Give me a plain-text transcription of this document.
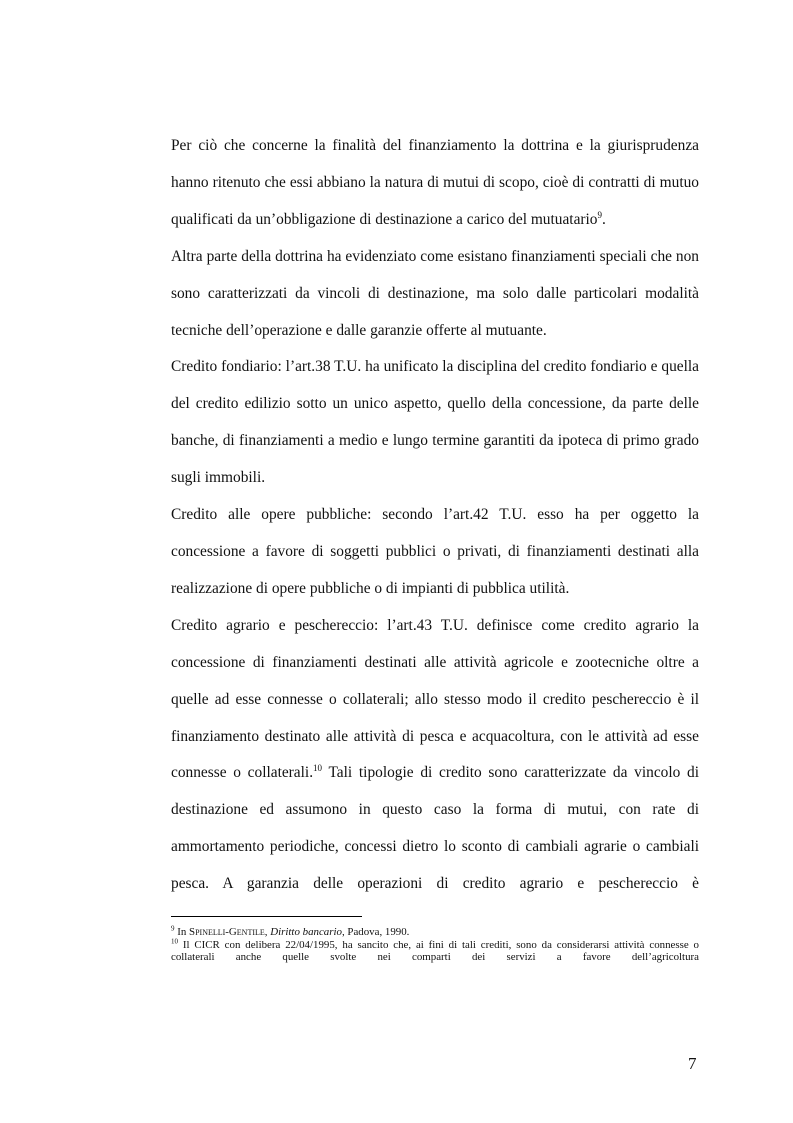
Per ciò che concerne la finalità del finanziamento la dottrina e la giurisprudenza hanno ritenuto che essi abbiano la natura di mutui di scopo, cioè di contratti di mutuo qualificati da un’obbligazione di destinazione a carico del mutuatario$^9$.

Altra parte della dottrina ha evidenziato come esistano finanziamenti speciali che non sono caratterizzati da vincoli di destinazione, ma solo dalle particolari modalità tecniche dell’operazione e dalle garanzie offerte al mutuante.

Credito fondiario: l’art.38 T.U. ha unificato la disciplina del credito fondiario e quella del credito edilizio sotto un unico aspetto, quello della concessione, da parte delle banche, di finanziamenti a medio e lungo termine garantiti da ipoteca di primo grado sugli immobili.

Credito alle opere pubbliche: secondo l’art.42 T.U. esso ha per oggetto la concessione a favore di soggetti pubblici o privati, di finanziamenti destinati alla realizzazione di opere pubbliche o di impianti di pubblica utilità.

Credito agrario e peschereccio: l’art.43 T.U. definisce come credito agrario la concessione di finanziamenti destinati alle attività agricole e zootecniche oltre a quelle ad esse connesse o collaterali; allo stesso modo il credito peschereccio è il finanziamento destinato alle attività di pesca e acquacoltura, con le attività ad esse connesse o collaterali.$^{10}$ Tali tipologie di credito sono caratterizzate da vincolo di destinazione ed assumono in questo caso la forma di mutui, con rate di ammortamento periodiche, concessi dietro lo sconto di cambiali agrarie o cambiali pesca. A garanzia delle operazioni di credito agrario e peschereccio è

$^9$ In Spinelli-Gentile, Diritto bancario, Padova, 1990.

$^{10}$ Il CICR con delibera 22/04/1995, ha sancito che, ai fini di tali crediti, sono da considerarsi attività connesse o collaterali anche quelle svolte nei comparti dei servizi a favore dell’agricoltura

7
